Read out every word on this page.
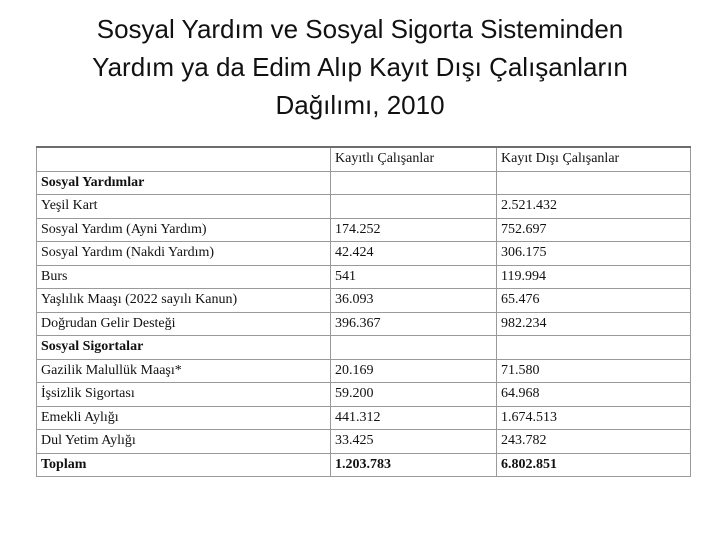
Sosyal Yardım ve Sosyal Sigorta Sisteminden
Yardım ya da Edim Alıp Kayıt Dışı Çalışanların
Dağılımı, 2010
	Kayıtlı Çalışanlar	Kayıt Dışı Çalışanlar
Sosyal Yardımlar		
Yeşil Kart		2.521.432
Sosyal Yardım (Ayni Yardım)	174.252	752.697
Sosyal Yardım (Nakdi Yardım)	42.424	306.175
Burs	541	119.994
Yaşlılık Maaşı (2022 sayılı Kanun)	36.093	65.476
Doğrudan Gelir Desteği	396.367	982.234
Sosyal Sigortalar		
Gazilik Malullük Maaşı*	20.169	71.580
İşsizlik Sigortası	59.200	64.968
Emekli Aylığı	441.312	1.674.513
Dul Yetim Aylığı	33.425	243.782
Toplam	1.203.783	6.802.851
